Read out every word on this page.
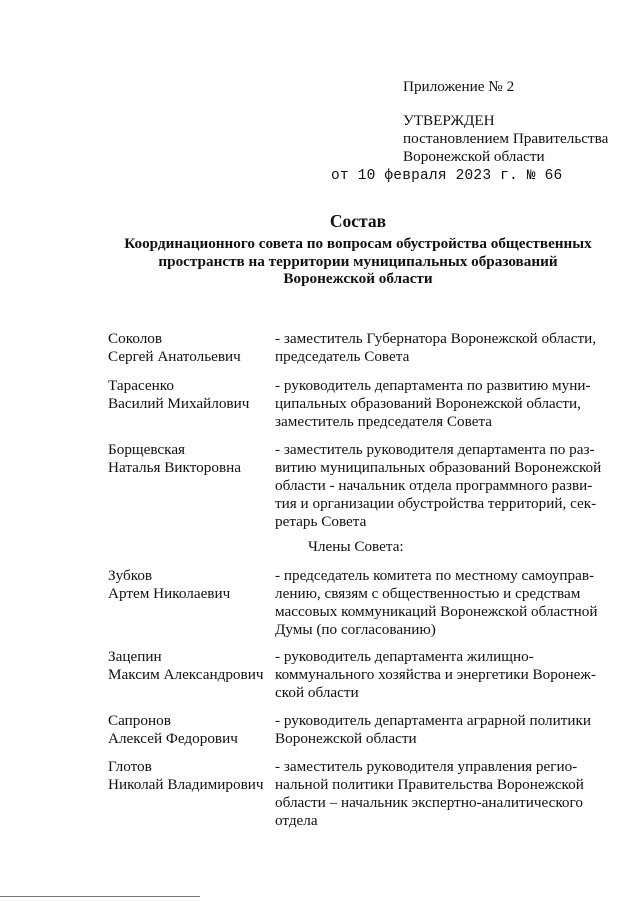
Приложение № 2
УТВЕРЖДЕН
постановлением Правительства
Воронежской области
от 10 февраля 2023 г. № 66
Состав
Координационного совета по вопросам обустройства общественных
пространств на территории муниципальных образований
Воронежской области
Соколов
Сергей Анатольевич
- заместитель Губернатора Воронежской области,
председатель Совета
Тарасенко
Василий Михайлович
- руководитель департамента по развитию муни-
ципальных образований Воронежской области,
заместитель председателя Совета
Борщевская
Наталья Викторовна
- заместитель руководителя департамента по раз-
витию муниципальных образований Воронежской
области - начальник отдела программного разви-
тия и организации обустройства территорий, сек-
ретарь Совета
Члены Совета:
Зубков
Артем Николаевич
- председатель комитета по местному самоуправ-
лению, связям с общественностью и средствам
массовых коммуникаций Воронежской областной
Думы (по согласованию)
Зацепин
Максим Александрович
- руководитель департамента жилищно-
коммунального хозяйства и энергетики Воронеж-
ской области
Сапронов
Алексей Федорович
- руководитель департамента аграрной политики
Воронежской области
Глотов
Николай Владимирович
- заместитель руководителя управления регио-
нальной политики Правительства Воронежской
области – начальник экспертно-аналитического
отдела
